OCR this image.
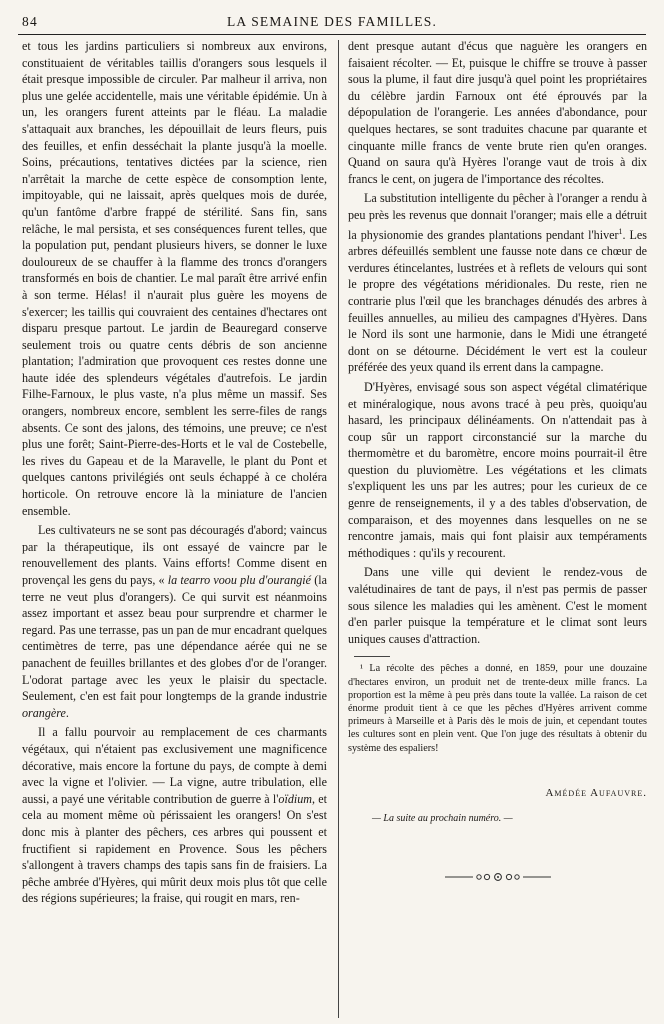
84	LA SEMAINE DES FAMILLES.

et tous les jardins particuliers si nombreux aux environs, constituaient de véritables taillis d'orangers sous lesquels il était presque impossible de circuler. Par malheur il arriva, non plus une gelée accidentelle, mais une véritable épidémie. Un à un, les orangers furent atteints par le fléau. La maladie s'attaquait aux branches, les dépouillait de leurs fleurs, puis des feuilles, et enfin desséchait la plante jusqu'à la moelle. Soins, précautions, tentatives dictées par la science, rien n'arrêtait la marche de cette espèce de consomption lente, impitoyable, qui ne laissait, après quelques mois de durée, qu'un fantôme d'arbre frappé de stérilité. Sans fin, sans relâche, le mal persista, et ses conséquences furent telles, que la population put, pendant plusieurs hivers, se donner le luxe douloureux de se chauffer à la flamme des troncs d'orangers transformés en bois de chantier. Le mal paraît être arrivé enfin à son terme. Hélas! il n'aurait plus guère les moyens de s'exercer; les taillis qui couvraient des centaines d'hectares ont disparu presque partout. Le jardin de Beauregard conserve seulement trois ou quatre cents débris de son ancienne plantation; l'admiration que provoquent ces restes donne une haute idée des splendeurs végétales d'autrefois. Le jardin Filhe-Farnoux, le plus vaste, n'a plus même un massif. Ses orangers, nombreux encore, semblent les serre-files de rangs absents. Ce sont des jalons, des témoins, une preuve; ce n'est plus une forêt; Saint-Pierre-des-Horts et le val de Costebelle, les rives du Gapeau et de la Maravelle, le plant du Pont et quelques cantons privilégiés ont seuls échappé à ce choléra horticole. On retrouve encore là la miniature de l'ancien ensemble.

Les cultivateurs ne se sont pas découragés d'abord; vaincus par la thérapeutique, ils ont essayé de vaincre par le renouvellement des plants. Vains efforts! Comme disent en provençal les gens du pays, « la tearro voou plu d'ourangié (la terre ne veut plus d'orangers). Ce qui survit est néanmoins assez important et assez beau pour surprendre et charmer le regard. Pas une terrasse, pas un pan de mur encadrant quelques centimètres de terre, pas une dépendance aérée qui ne se panachent de feuilles brillantes et des globes d'or de l'oranger. L'odorat partage avec les yeux le plaisir du spectacle. Seulement, c'en est fait pour longtemps de la grande industrie orangère.

Il a fallu pourvoir au remplacement de ces charmants végétaux, qui n'étaient pas exclusivement une magnificence décorative, mais encore la fortune du pays, de compte à demi avec la vigne et l'olivier. — La vigne, autre tribulation, elle aussi, a payé une véritable contribution de guerre à l'oïdium, et cela au moment même où périssaient les orangers! On s'est donc mis à planter des pêchers, ces arbres qui poussent et fructifient si rapidement en Provence. Sous les pêchers s'allongent à travers champs des tapis sans fin de fraisiers. La pêche ambrée d'Hyères, qui mûrit deux mois plus tôt que celle des régions supérieures; la fraise, qui rougit en mars, ren-

dent presque autant d'écus que naguère les orangers en faisaient récolter. — Et, puisque le chiffre se trouve à passer sous la plume, il faut dire jusqu'à quel point les propriétaires du célèbre jardin Farnoux ont été éprouvés par la dépopulation de l'orangerie. Les années d'abondance, pour quelques hectares, se sont traduites chacune par quarante et cinquante mille francs de vente brute rien qu'en oranges. Quand on saura qu'à Hyères l'orange vaut de trois à dix francs le cent, on jugera de l'importance des récoltes.

La substitution intelligente du pêcher à l'oranger a rendu à peu près les revenus que donnait l'oranger; mais elle a détruit la physionomie des grandes plantations pendant l'hiver$^1$. Les arbres défeuillés semblent une fausse note dans ce chœur de verdures étincelantes, lustrées et à reflets de velours qui sont le propre des végétations méridionales. Du reste, rien ne contrarie plus l'œil que les branchages dénudés des arbres à feuilles annuelles, au milieu des campagnes d'Hyères. Dans le Nord ils sont une harmonie, dans le Midi une étrangeté dont on se détourne. Décidément le vert est la couleur préférée des yeux quand ils errent dans la campagne.

D'Hyères, envisagé sous son aspect végétal climatérique et minéralogique, nous avons tracé à peu près, quoiqu'au hasard, les principaux délinéaments. On n'attendait pas à coup sûr un rapport circonstancié sur la marche du thermomètre et du baromètre, encore moins pourrait-il être question du pluviomètre. Les végétations et les climats s'expliquent les uns par les autres; pour les curieux de ce genre de renseignements, il y a des tables d'observation, de comparaison, et des moyennes dans lesquelles on ne se rencontre jamais, mais qui font plaisir aux tempéraments méthodiques : qu'ils y recourent.

Dans une ville qui devient le rendez-vous de valétudinaires de tant de pays, il n'est pas permis de passer sous silence les maladies qui les amènent. C'est le moment d'en parler puisque la température et le climat sont leurs uniques causes d'attraction.

¹ La récolte des pêches a donné, en 1859, pour une douzaine d'hectares environ, un produit net de trente-deux mille francs. La proportion est la même à peu près dans toute la vallée. La raison de cet énorme produit tient à ce que les pêches d'Hyères arrivent comme primeurs à Marseille et à Paris dès le mois de juin, et cependant toutes les cultures sont en plein vent. Que l'on juge des résultats à obtenir du système des espaliers!
Amédée Aufauvre.
— La suite au prochain numéro. —
